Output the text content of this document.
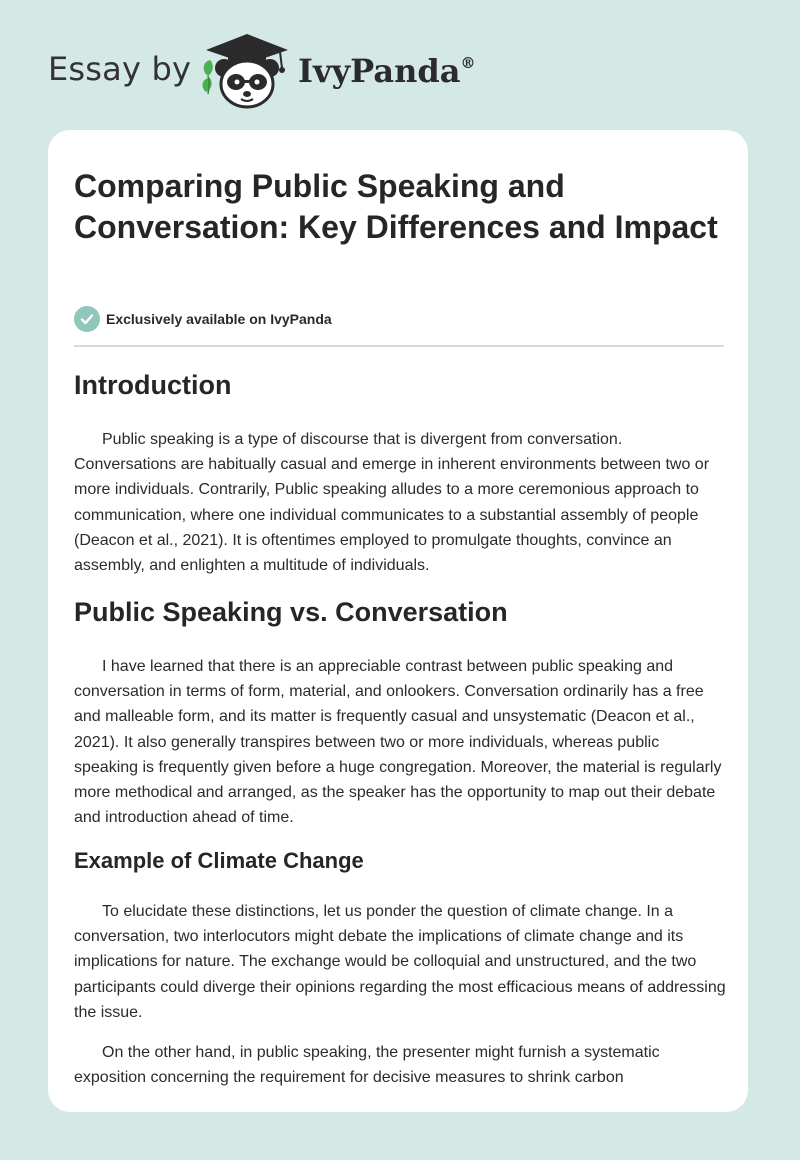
Essay by	IvyPanda®
Comparing Public Speaking and Conversation: Key Differences and Impact
Exclusively available on IvyPanda
Introduction

Public speaking is a type of discourse that is divergent from conversation. Conversations are habitually casual and emerge in inherent environments between two or more individuals. Contrarily, Public speaking alludes to a more ceremonious approach to communication, where one individual communicates to a substantial assembly of people (Deacon et al., 2021). It is oftentimes employed to promulgate thoughts, convince an assembly, and enlighten a multitude of individuals.

Public Speaking vs. Conversation

I have learned that there is an appreciable contrast between public speaking and conversation in terms of form, material, and onlookers. Conversation ordinarily has a free and malleable form, and its matter is frequently casual and unsystematic (Deacon et al., 2021). It also generally transpires between two or more individuals, whereas public speaking is frequently given before a huge congregation. Moreover, the material is regularly more methodical and arranged, as the speaker has the opportunity to map out their debate and introduction ahead of time.

Example of Climate Change

To elucidate these distinctions, let us ponder the question of climate change. In a conversation, two interlocutors might debate the implications of climate change and its implications for nature. The exchange would be colloquial and unstructured, and the two participants could diverge their opinions regarding the most efficacious means of addressing the issue.

On the other hand, in public speaking, the presenter might furnish a systematic exposition concerning the requirement for decisive measures to shrink carbon
